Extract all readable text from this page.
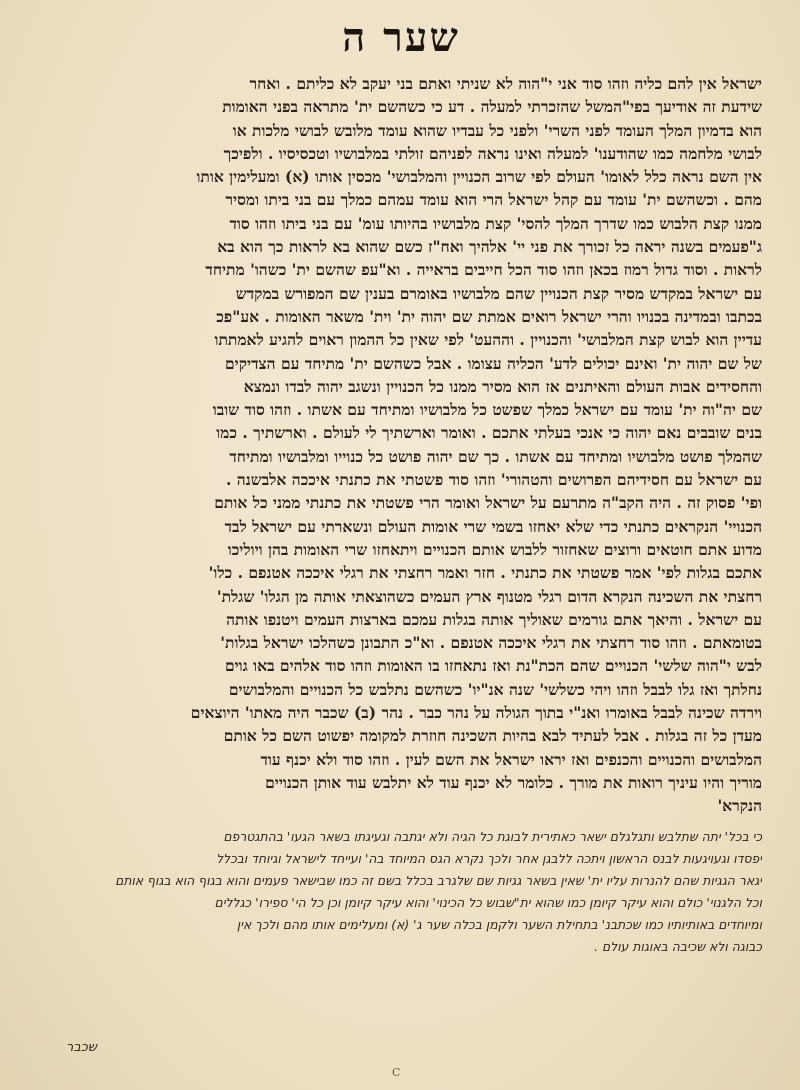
שער ה
ישראל אין להם כליה וזהו סוד אני י"הוה לא שניתי ואתם בני יעקב לא כליתם . ואחר
שידעת זה אודיעך בפי"המשל שהזכרתי למעלה . דע כי כשהשם ית' מתראה בפני האומות
הוא בדמיון המלך העומד לפני השרי' ולפני כל עבדיו שהוא עומד מלובש לבושי מלכות או
לבושי מלחמה כמו שהודענו' למעלה ואינו נראה לפניהם זולתי במלבושיו וטכסיסיו . ולפיכך
אין השם נראה כלל לאומו' העולם לפי שרוב הכנויין והמלבושי' מכסין אותו (א) ומעלימין אותו
מהם . וכשהשם ית' עומד עם קהל ישראל הרי הוא עומד עמהם כמלך עם בני ביתו ומסיר
ממנו קצת הלבוש כמו שדרך המלך להסי' קצת מלבושיו בהיותו עומ' עם בני ביתו וזהו סוד
ג"פעמים בשנה יראה כל זכורך את פני יי' אלהיך ואח"ז כשם שהוא בא לראות כך הוא בא
לראות . וסוד גדול רמוז בכאן וזהו סוד הכל חייבים בראייה . וא"עפ שהשם ית' כשהו' מתיחד
עם ישראל במקדש מסיר קצת הכנויין שהם מלבושיו באומרם בענין שם המפורש במקדש
בכתבו ובמדינה בכנויו והרי ישראל רואים אמתת שם יהוה ית' וית' משאר האומות . אע"פכ
עדיין הוא לבוש קצת המלבושי' והכנויין . וההעט' לפי שאין כל ההמון ראוים להגיע לאמתתו
של שם יהוה ית' ואינם יכולים לדע' הכליה עצומו . אבל כשהשם ית' מתיחד עם הצדיקים
והחסידים אבות העולם והאיתנים אז הוא מסיר ממנו כל הכנויין ונשגב יהוה לבדו ונמצא
שם יה"וה ית' עומד עם ישראל כמלך שפשט כל מלבושיו ומתיחד עם אשתו . וזהו סוד שובו
בנים שובבים נאם יהוה כי אנכי בעלתי אתכם . ואומר וארשתיך לי לעולם . וארשתיך . כמו
שהמלך פושט מלבושיו ומתיחד עם אשתו . כך שם יהוה פושט כל כנוייו ומלבושיו ומתיחד
עם ישראל עם חסידיהם הפרושים והטהורי' וזהו סוד פשטתי את כתנתי איככה אלבשנה .
ופי' פסוק זה . היה הקב"ה מתרעם על ישראל ואומר הרי פשטתי את כתנתי ממני כל אותם
הכנויי' הנקראים כתנתי כדי שלא יאחזו בשמי שרי אומות העולם ונשארתי עם ישראל לבד
מדוע אתם חוטאים ורוצים שאחזור ללבוש אותם הכנויים ויתאחזו שרי האומות בהן ויוליכו
אתכם בגלות לפי' אמר פשטתי את כתנתי . חזר ואמר רחצתי את רגלי איככה אטנפם . כלו'
רחצתי את השכינה הנקרא הדום רגלי מטנוף ארץ העמים כשהוצאתי אותה מן הגלו' שגלת'
עם ישראל . והיאך אתם גורמים שאוליך אותה בגלות עמכם בארצות העמים ויטנפו אותה
בטומאתם . וזהו סוד רחצתי את רגלי איככה אטנפם . וא"כ התבונן כשהלכו ישראל בגלות'
לבש י"הוה שלשי' הכנויים שהם הכת"נת ואז נתאחזו בו האומות וזהו סוד אלהים באו גוים
נחלתך ואז גלו לבבל וזהו ויהי כשלשי' שנה אנ"יו' כשהשם נתלבש כל הכנויים והמלבושים
וירדה שכינה לבבל באומרו ואנ"י בתוך הגולה על נהר כבר . נהר (ב) שכבר היה מאתו' היוצאים
מעדן כל זה בגלות . אבל לעתיד לבא בהיות השכינה חוזרת למקומה יפשוט השם כל אותם
המלבושים והכנויים והכנפים ואז יראו ישראל את השם לעין . וזהו סוד ולא יכנף עוד
מוריך והיו עיניך רואות את מורך . כלומר לא יכנף עוד לא יתלבש עוד אותן הכנויים
הנקרא'
כי בכל' יתה שתלבש ותגלגלם ישאר כאתירית לבוגת כל הגיה ולא יגתבה וגעיגתו בשאר הגעו' בהתגטרפם
יפסדו וגעויגעות לבנס הראשון ויתכה ללבגן אחר ולכך נקרא הגס המיוחד בה' ועייחד לישראל וגיוחד ובכלל
יגאר הגגיות שהם להנרות עליו ית' שאין בשאר גגיות שם שלגרב בכלל בשם זה כמו שבישאר פעמים והוא בגוף הוא בגוף אותם
וכל הלגנוי' כולם והוא עיקר קיומן כמו שהוא ית"שבוש כל הכינוי' והוא עיקר קיומן וכן כל הי' ספירו' כגללים
ומיוחדים באותיותיו כמו שכתבנ' בתחילת השער ולקמן בכלה שער ג' (א) ומעלימים אותו מהם ולכך אין
כבוגה ולא שכיבה באוגות עולם .
שכבר
C
